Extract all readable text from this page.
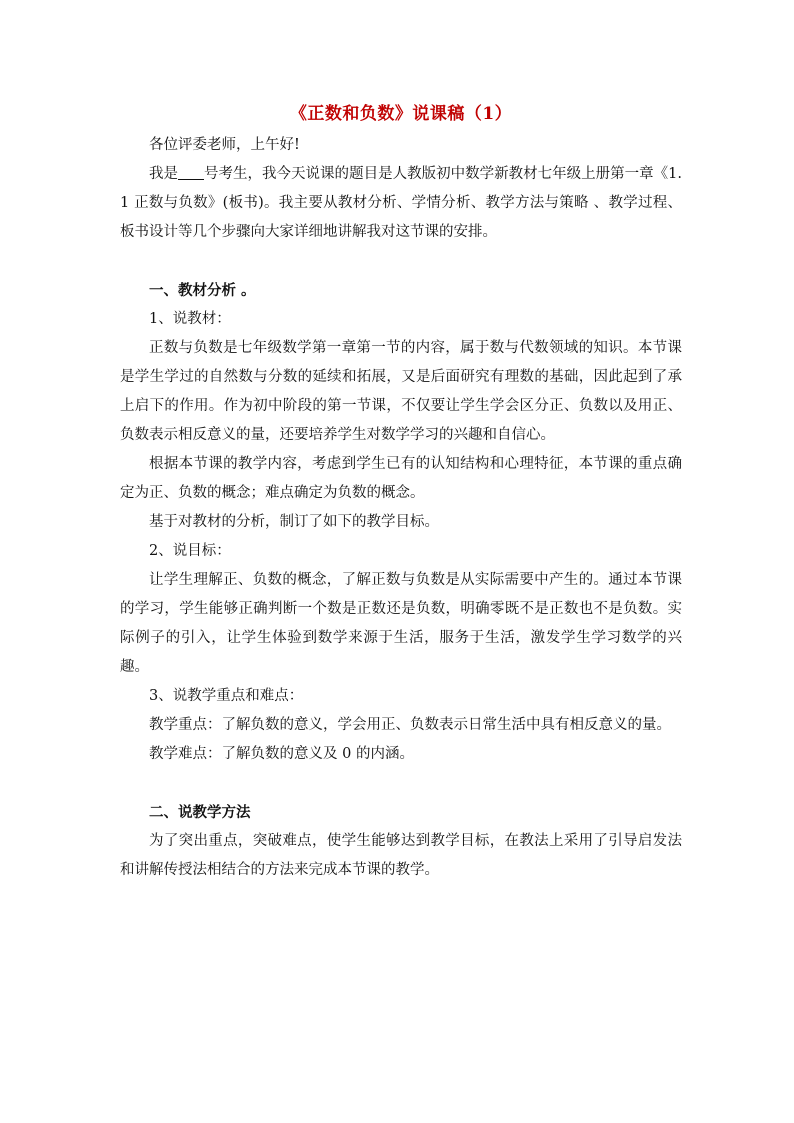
《正数和负数》说课稿（1）

各位评委老师，上午好!

我是 号考生，我今天说课的题目是人教版初中数学新教材七年级上册第一章《1.1 正数与负数》(板书)。我主要从教材分析、学情分析、教学方法与策略 、教学过程、板书设计等几个步骤向大家详细地讲解我对这节课的安排。

一、教材分析 。

1、说教材：

正数与负数是七年级数学第一章第一节的内容，属于数与代数领域的知识。本节课是学生学过的自然数与分数的延续和拓展，又是后面研究有理数的基础，因此起到了承上启下的作用。作为初中阶段的第一节课，不仅要让学生学会区分正、负数以及用正、负数表示相反意义的量，还要培养学生对数学学习的兴趣和自信心。

根据本节课的教学内容，考虑到学生已有的认知结构和心理特征，本节课的重点确定为正、负数的概念；难点确定为负数的概念。

基于对教材的分析，制订了如下的教学目标。

2、说目标：

让学生理解正、负数的概念，了解正数与负数是从实际需要中产生的。通过本节课的学习，学生能够正确判断一个数是正数还是负数，明确零既不是正数也不是负数。实际例子的引入，让学生体验到数学来源于生活，服务于生活，激发学生学习数学的兴趣。

3、说教学重点和难点：

教学重点：了解负数的意义，学会用正、负数表示日常生活中具有相反意义的量。

教学难点：了解负数的意义及 0 的内涵。

二、说教学方法

为了突出重点，突破难点，使学生能够达到教学目标，在教法上采用了引导启发法和讲解传授法相结合的方法来完成本节课的教学。
